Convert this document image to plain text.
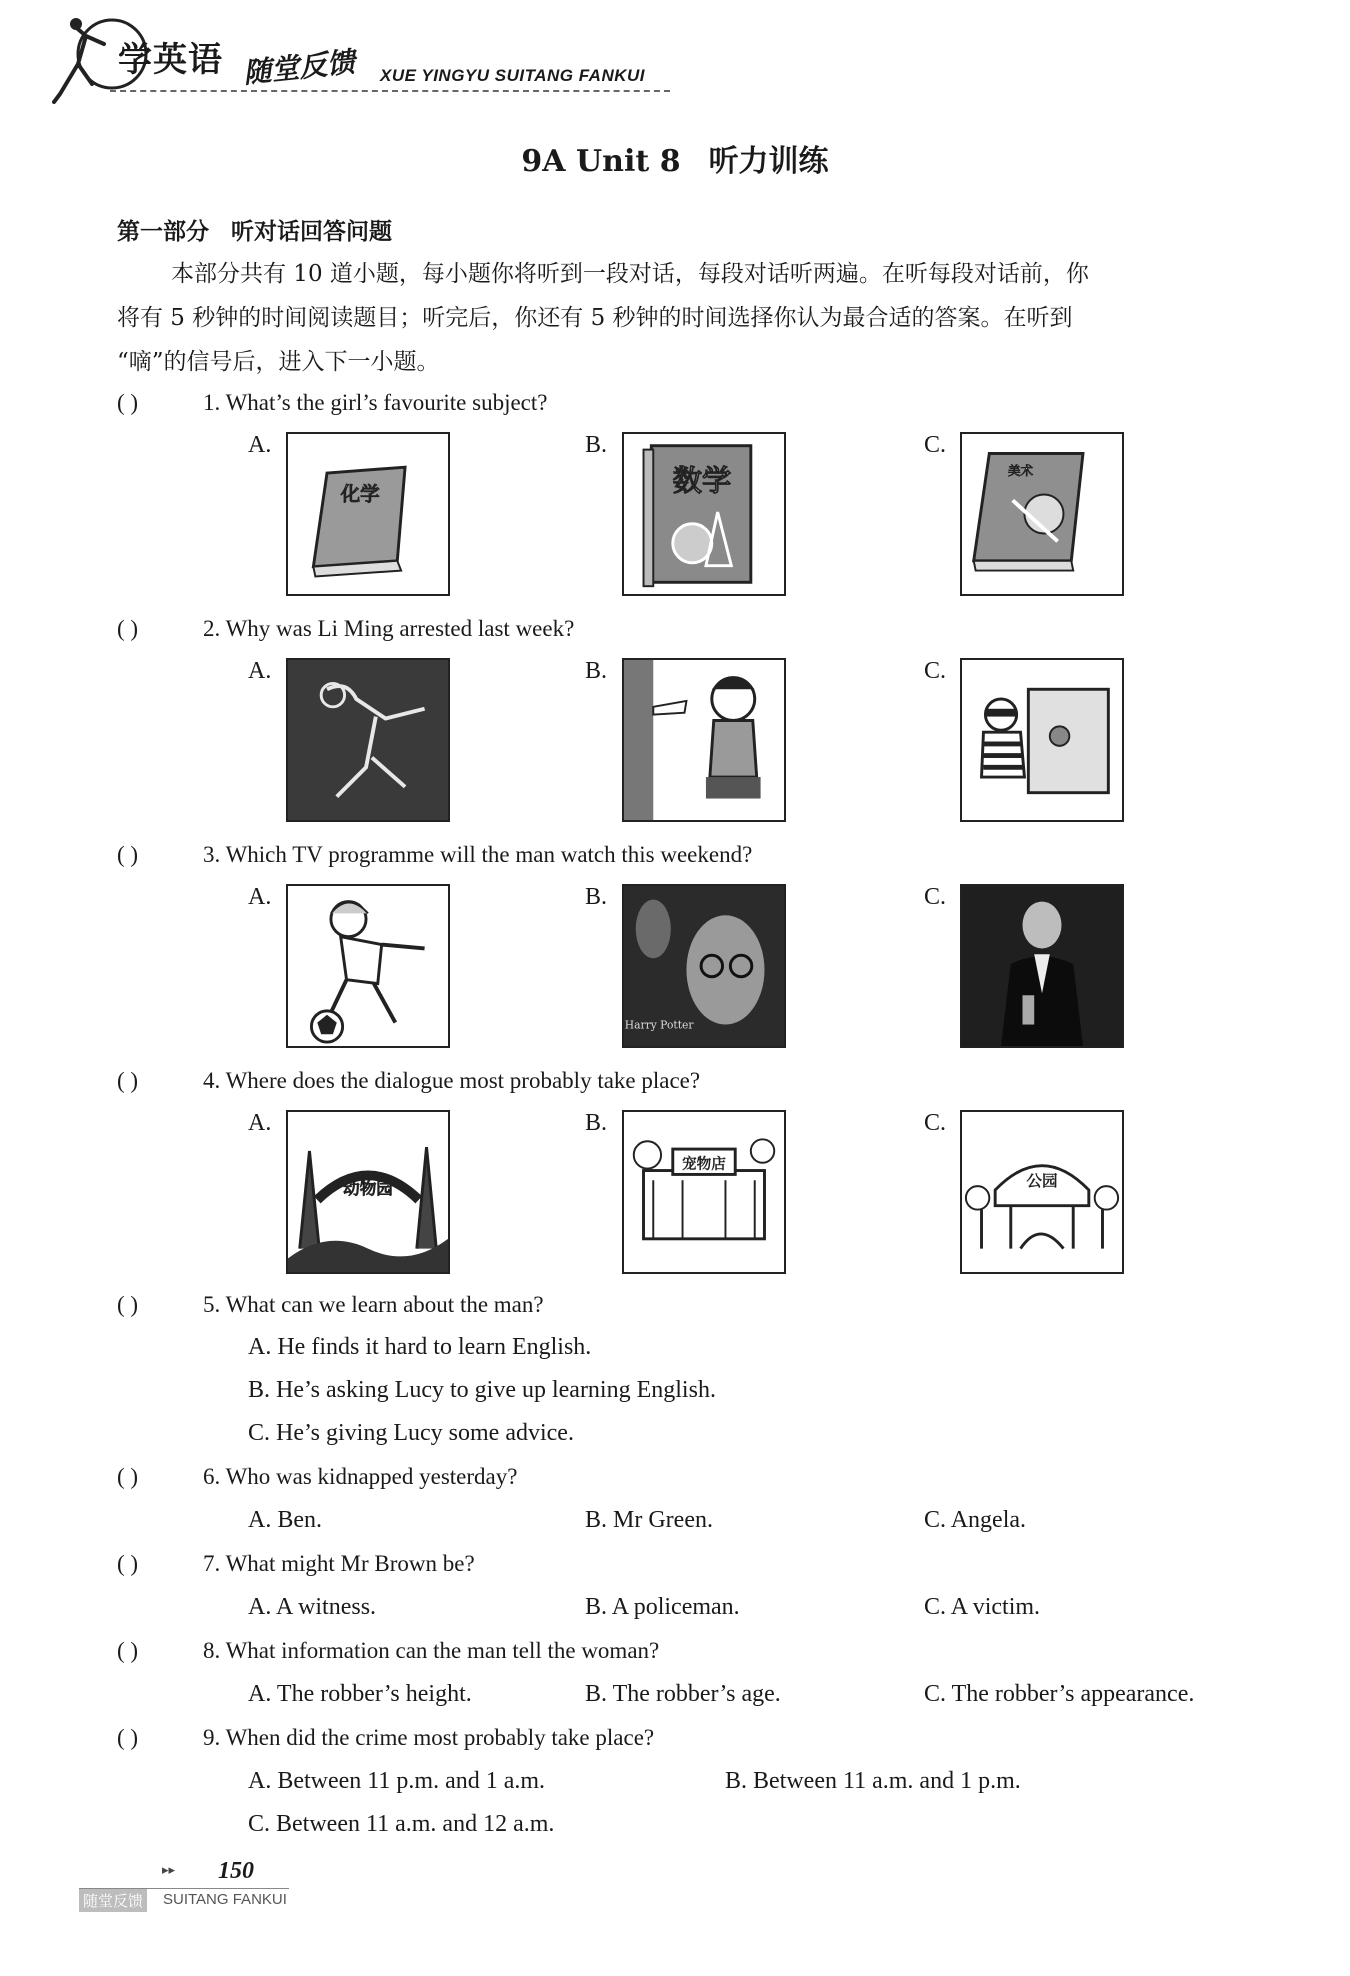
学英语 随堂反馈 XUE YINGYU SUITANG FANKUI
9A Unit 8 听力训练
第一部分 听对话回答问题

本部分共有 10 道小题，每小题你将听到一段对话，每段对话听两遍。在听每段对话前，你

将有 5 秒钟的时间阅读题目；听完后，你还有 5 秒钟的时间选择你认为最合适的答案。在听到

“嘀”的信号后，进入下一小题。

( )	1. What’s the girl’s favourite subject?
A.	B.	C.
化学	数学	美术
( )	2. Why was Li Ming arrested last week?
A.	B.	C.
( )	3. Which TV programme will the man watch this weekend?
A.	B.	C.
Harry Potter
( )	4. Where does the dialogue most probably take place?
A.	B.	C.
动物园
宠物店
公园
( )	5. What can we learn about the man?
A. He finds it hard to learn English.
B. He’s asking Lucy to give up learning English.
C. He’s giving Lucy some advice.
( )	6. Who was kidnapped yesterday?
A. Ben.	B. Mr Green.	C. Angela.
( )	7. What might Mr Brown be?
A. A witness.	B. A policeman.	C. A victim.
( )	8. What information can the man tell the woman?
A. The robber’s height.	B. The robber’s age.	C. The robber’s appearance.
( )	9. When did the crime most probably take place?
A. Between 11 p.m. and 1 a.m.	B. Between 11 a.m. and 1 p.m.
C. Between 11 a.m. and 12 a.m.
▸▸ 150
随堂反馈 SUITANG FANKUI
